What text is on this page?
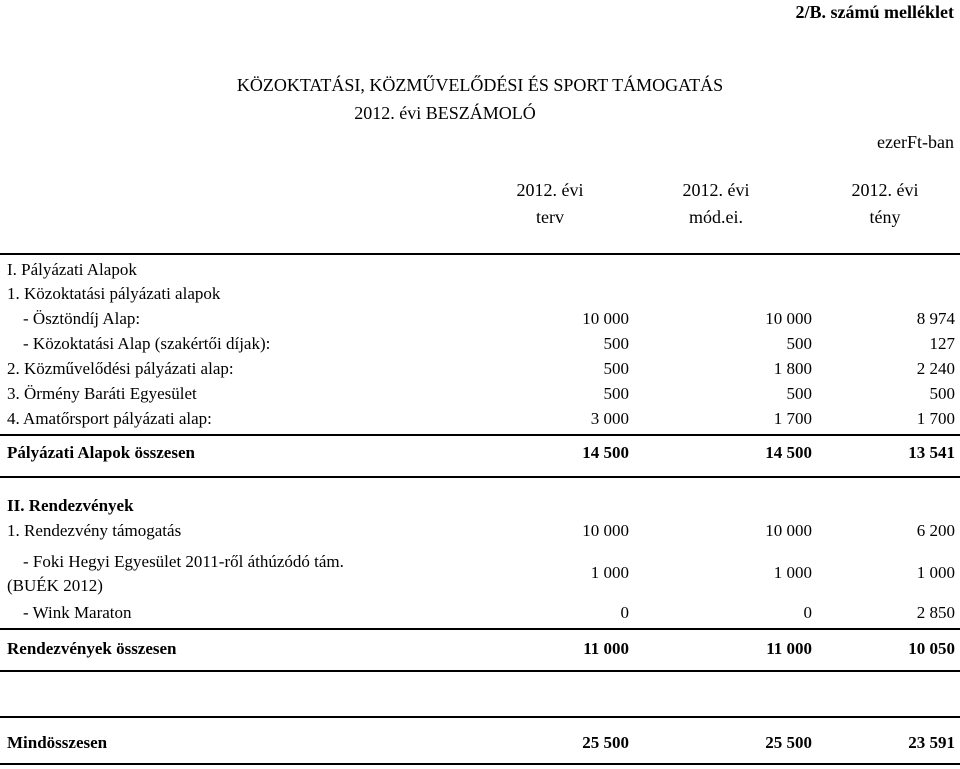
2/B. számú melléklet
KÖZOKTATÁSI, KÖZMŰVELŐDÉSI ÉS SPORT TÁMOGATÁS
2012. évi BESZÁMOLÓ
ezerFt-ban
2012. évi
terv
2012. évi
mód.ei.
2012. évi
tény
I. Pályázati Alapok
1. Közoktatási pályázati alapok
- Ösztöndíj Alap:	10 000	10 000	8 974
- Közoktatási Alap (szakértői díjak):	500	500	127
2. Közművelődési pályázati alap:	500	1 800	2 240
3. Örmény Baráti Egyesület	500	500	500
4. Amatőrsport pályázati alap:	3 000	1 700	1 700
Pályázati Alapok összesen	14 500	14 500	13 541
II. Rendezvények
1. Rendezvény támogatás	10 000	10 000	6 200
- Foki Hegyi Egyesület 2011-ről áthúzódó tám.
(BUÉK 2012)
1 000	1 000	1 000
- Wink Maraton	0	0	2 850
Rendezvények összesen	11 000	11 000	10 050
Mindösszesen	25 500	25 500	23 591
